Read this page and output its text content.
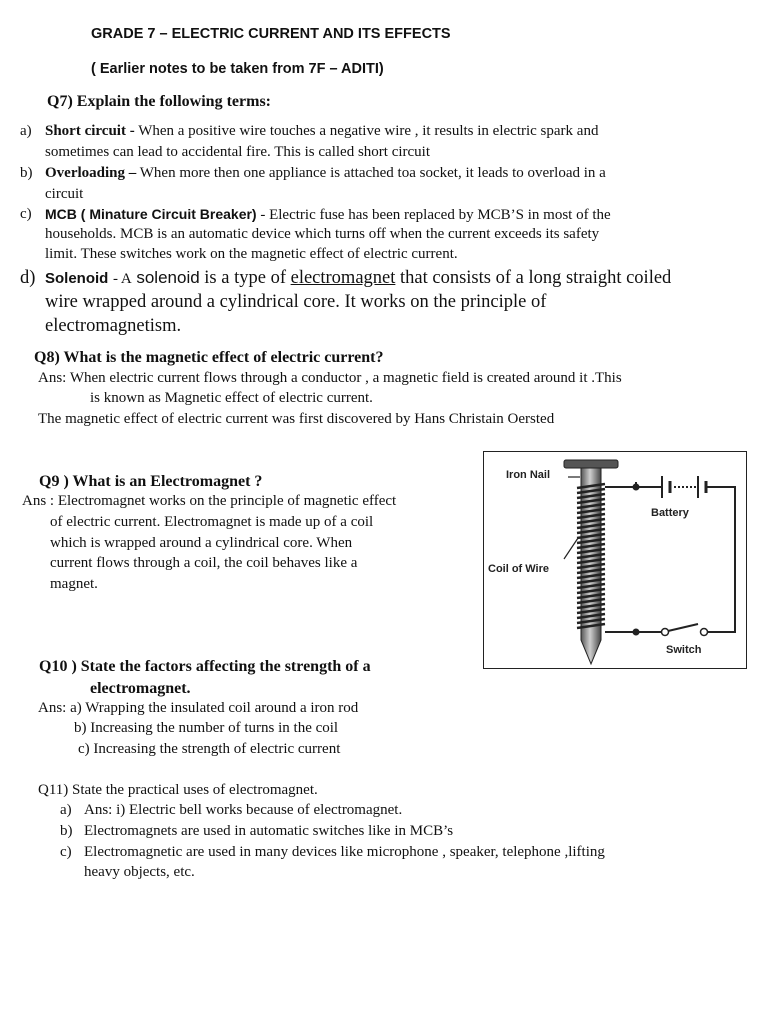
GRADE 7 – ELECTRIC CURRENT AND ITS EFFECTS
( Earlier notes to be taken from 7F – ADITI)
Q7) Explain the following terms:
a) Short circuit - When a positive wire touches a negative wire , it results in electric spark and
sometimes can lead to accidental fire. This is called short circuit
b) Overloading – When more then one appliance is attached toa socket, it leads to overload in a
circuit
c) MCB ( Minature Circuit Breaker) - Electric fuse has been replaced by MCB’S in most of the
households. MCB is an automatic device which turns off when the current exceeds its safety
limit. These switches work on the magnetic effect of electric current.
d) Solenoid - A solenoid is a type of electromagnet that consists of a long straight coiled
wire wrapped around a cylindrical core. It works on the principle of
electromagnetism.
Q8) What is the magnetic effect of electric current?
Ans: When electric current flows through a conductor , a magnetic field is created around it .This
is known as Magnetic effect of electric current.
The magnetic effect of electric current was first discovered by Hans Christain Oersted
Q9 ) What is an Electromagnet ?
Ans : Electromagnet works on the principle of magnetic effect
of electric current. Electromagnet is made up of a coil
which is wrapped around a cylindrical core. When
current flows through a coil, the coil behaves like a
magnet.
Iron Nail
Battery
Coil of Wire
Switch
Q10 ) State the factors affecting the strength of a
electromagnet.
Ans: a) Wrapping the insulated coil around a iron rod
b) Increasing the number of turns in the coil
c) Increasing the strength of electric current
Q11) State the practical uses of electromagnet.
a) Ans: i) Electric bell works because of electromagnet.
b) Electromagnets are used in automatic switches like in MCB’s
c) Electromagnetic are used in many devices like microphone , speaker, telephone ,lifting
heavy objects, etc.
